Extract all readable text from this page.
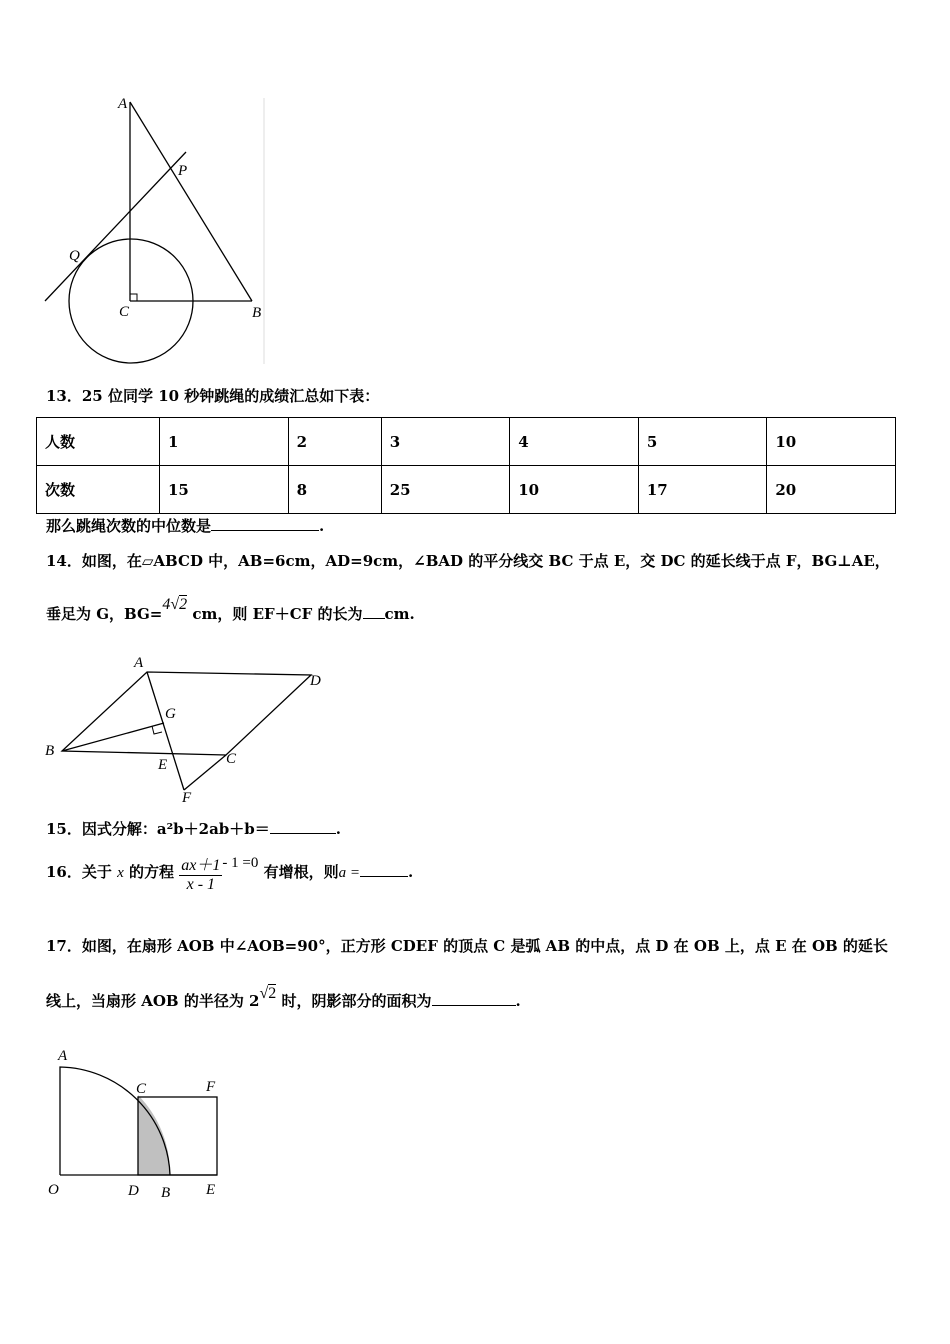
A
P
Q
C	B
13．25 位同学 10 秒钟跳绳的成绩汇总如下表：
人数	1	2	3	4	5	10
次数	15	8	25	10	17	20
那么跳绳次数的中位数是	.
14．如图，在▱ABCD 中，AB=6cm，AD=9cm，∠BAD 的平分线交 BC 于点 E，交 DC 的延长线于点 F，BG⊥AE，
垂足为 G，BG=4√2 cm，则 EF＋CF 的长为 cm.
A
D
G
B
E	C
F
15．因式分解：a²b＋2ab＋b＝	.
16．关于 x 的方程 $\frac{ax+1}{x - 1} - 1 =0$ 有增根，则a =	.
17．如图，在扇形 AOB 中∠AOB=90°，正方形 CDEF 的顶点 C 是弧 AB 的中点，点 D 在 OB 上，点 E 在 OB 的延长
线上，当扇形 AOB 的半径为 2√2 时，阴影部分的面积为	.
A
C	F
O	D B E
